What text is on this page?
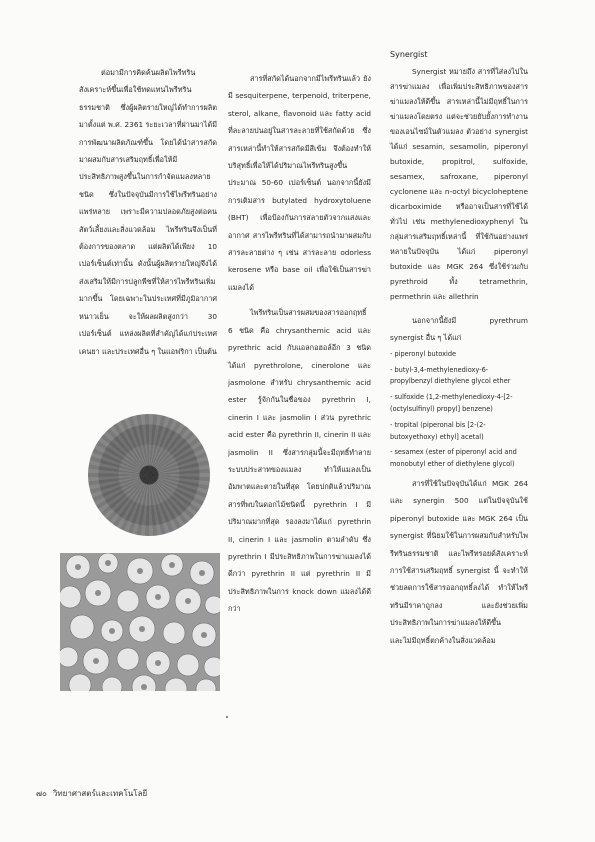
ต่อมามีการคิดค้นผลิตไพรีทรินสังเคราะห์ขึ้นเพื่อใช้ทดแทนไพรีทรินธรรมชาติ ซึ่งผู้ผลิตรายใหญ่ได้ทำการผลิตมาตั้งแต่ พ.ศ. 2361 ระยะเวลาที่ผ่านมาได้มีการพัฒนาผลิตภัณฑ์ขึ้น โดยได้นำสารสกัดมาผสมกับสารเสริมฤทธิ์เพื่อให้มีประสิทธิภาพสูงขึ้นในการกำจัดแมลงหลายชนิด ซึ่งในปัจจุบันมีการใช้ไพรีทรินอย่างแพร่หลาย เพราะมีความปลอดภัยสูงต่อคน สัตว์เลี้ยงและสิ่งแวดล้อม ไพรีทรินจึงเป็นที่ต้องการของตลาด แต่ผลิตได้เพียง 10 เปอร์เซ็นต์เท่านั้น ดังนั้นผู้ผลิตรายใหญ่จึงได้ส่งเสริมให้มีการปลูกพืชที่ให้สารไพรีทรินเพิ่มมากขึ้น โดยเฉพาะในประเทศที่มีภูมิอากาศหนาวเย็น จะให้ผลผลิตสูงกว่า 30 เปอร์เซ็นต์ แหล่งผลิตที่สำคัญได้แก่ประเทศเคนยา และประเทศอื่น ๆ ในแอฟริกา เป็นต้น

สารที่สกัดได้นอกจากมีไพรีทรินแล้ว ยังมี sesquiterpene, terpenoid, triterpene, sterol, alkane, flavonoid และ fatty acid ที่ละลายปนอยู่ในสารละลายที่ใช้สกัดด้วย ซึ่งสารเหล่านี้ทำให้สารสกัดมีสีเข้ม จึงต้องทำให้บริสุทธิ์เพื่อให้ได้ปริมาณไพรีทรินสูงขึ้น ประมาณ 50-60 เปอร์เซ็นต์ นอกจากนี้ยังมีการเติมสาร butylated hydroxytoluene (BHT) เพื่อป้องกันการสลายตัวจากแสงและอากาศ สารไพรีทรินที่ได้สามารถนำมาผสมกับสารละลายต่าง ๆ เช่น สารละลาย odorless kerosene หรือ base oil เพื่อใช้เป็นสารฆ่าแมลงได้

ไพรีทรินเป็นสารผสมของสารออกฤทธิ์ 6 ชนิด คือ chrysanthemic acid และ pyrethric acid กับแอลกอฮอล์อีก 3 ชนิด ได้แก่ pyrethrolone, cinerolone และ jasmolone สำหรับ chrysanthemic acid ester รู้จักกันในชื่อของ pyrethrin I, cinerin I และ jasmolin I ส่วน pyrethric acid ester คือ pyrethrin II, cinerin II และ jasmolin II ซึ่งสารกลุ่มนี้จะมีฤทธิ์ทำลายระบบประสาทของแมลง ทำให้แมลงเป็นอัมพาตและตายในที่สุด โดยปกติแล้วปริมาณสารที่พบในดอกไม้ชนิดนี้ pyrethrin I มีปริมาณมากที่สุด รองลงมาได้แก่ pyrethrin II, cinerin I และ jasmolin ตามลำดับ ซึ่ง pyrethrin I มีประสิทธิภาพในการฆ่าแมลงได้ดีกว่า pyrethrin II แต่ pyrethrin II มีประสิทธิภาพในการ knock down แมลงได้ดีกว่า

Synergist

Synergist หมายถึง สารที่ใส่ลงไปในสารฆ่าแมลง เพื่อเพิ่มประสิทธิภาพของสารฆ่าแมลงให้ดีขึ้น สารเหล่านี้ไม่มีฤทธิ์ในการฆ่าแมลงโดยตรง แต่จะช่วยยับยั้งการทำงานของเอนไซม์ในตัวแมลง ตัวอย่าง synergist ได้แก่ sesamin, sesamolin, piperonyl butoxide, propitrol, sulfoxide, sesamex, safroxane, piperonyl cyclonene และ n-octyl bicycloheptene dicarboximide หรืออาจเป็นสารที่ใช้ได้ทั่วไป เช่น methylenedioxyphenyl ในกลุ่มสารเสริมฤทธิ์เหล่านี้ ที่ใช้กันอย่างแพร่หลายในปัจจุบัน ได้แก่ piperonyl butoxide และ MGK 264 ซึ่งใช้ร่วมกับ pyrethroid ทั้ง tetramethrin, permethrin และ allethrin

นอกจากนี้ยังมี pyrethrum synergist อื่น ๆ ได้แก่

- piperonyl butoxide
- butyl-3,4-methylenedioxy-6-propylbenzyl diethylene glycol ether
- sulfoxide (1,2-methylenedioxy-4-[2-(octylsulfinyl) propyl] benzene)
- tropital (piperonal bis [2-(2-butoxyethoxy) ethyl] acetal)
- sesamex (ester of piperonyl acid and monobutyl ether of diethylene glycol)

สารที่ใช้ในปัจจุบันได้แก่ MGK 264 และ synergin 500 แต่ในปัจจุบันใช้ piperonyl butoxide และ MGK 264 เป็น synergist ที่นิยมใช้ในการผสมกับสำหรับไพรีทรินธรรมชาติ และไพรีทรอยด์สังเคราะห์ การใช้สารเสริมฤทธิ์ synergist นี้ จะทำให้ช่วยลดการใช้สารออกฤทธิ์ลงได้ ทำให้ไพรีทรินมีราคาถูกลง และยังช่วยเพิ่มประสิทธิภาพในการฆ่าแมลงให้ดีขึ้น

และไม่มีฤทธิ์ตกค้างในสิ่งแวดล้อม

๗๐ วิทยาศาสตร์และเทคโนโลยี
